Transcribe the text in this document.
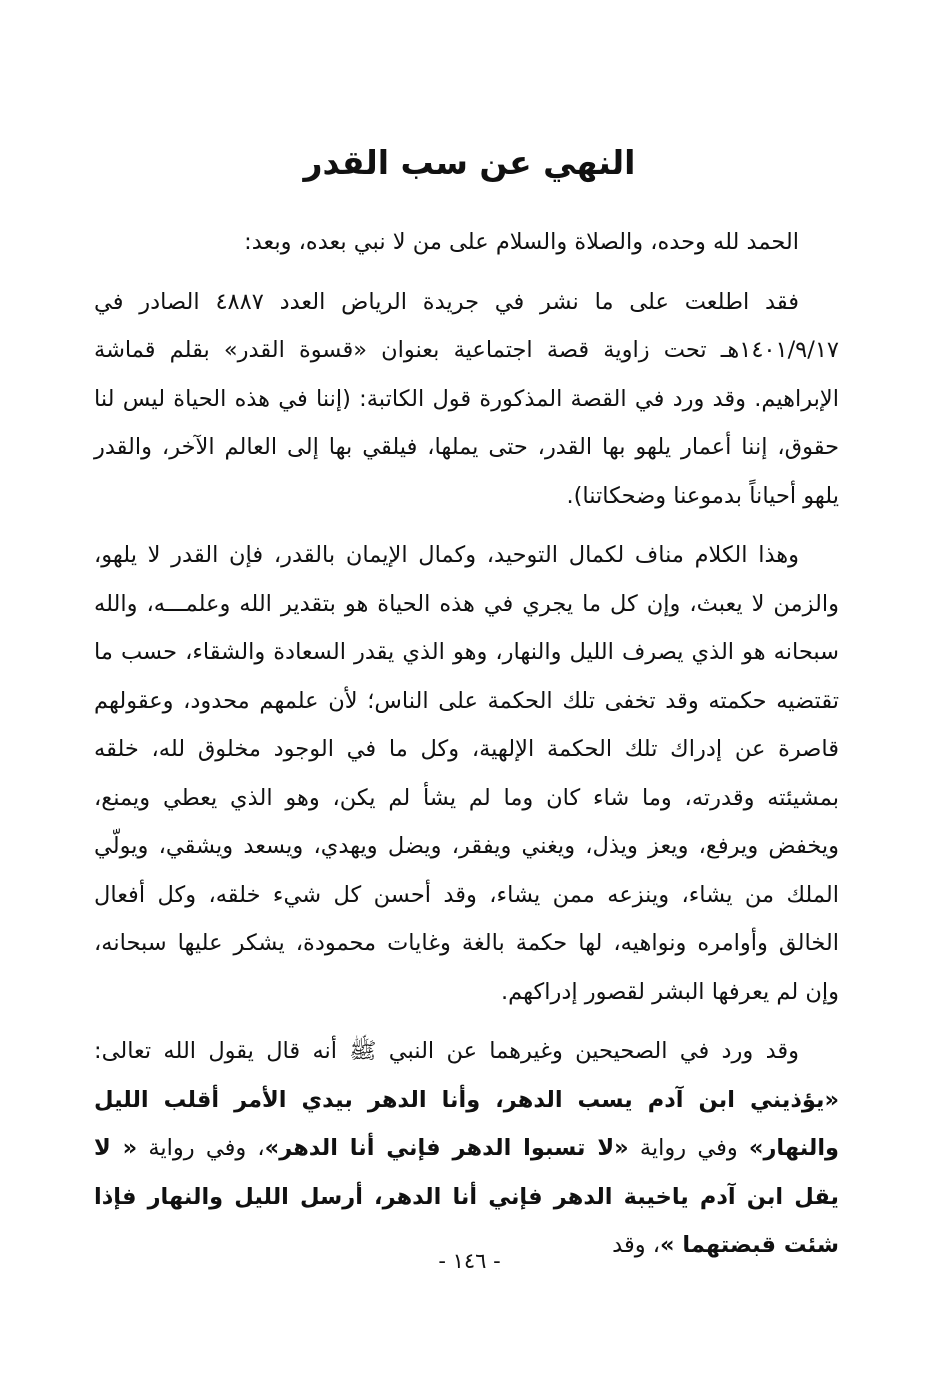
النهي عن سب القدر

الحمد لله وحده، والصلاة والسلام على من لا نبي بعده، وبعد:

فقد اطلعت على ما نشر في جريدة الرياض العدد ٤٨٨٧ الصادر في ١٤٠١/٩/١٧هـ تحت زاوية قصة اجتماعية بعنوان «قسوة القدر» بقلم قماشة الإبراهيم. وقد ورد في القصة المذكورة قول الكاتبة: (إننا في هذه الحياة ليس لنا حقوق، إننا أعمار يلهو بها القدر، حتى يملها، فيلقي بها إلى العالم الآخر، والقدر يلهو أحياناً بدموعنا وضحكاتنا).

وهذا الكلام مناف لكمال التوحيد، وكمال الإيمان بالقدر، فإن القدر لا يلهو، والزمن لا يعبث، وإن كل ما يجري في هذه الحياة هو بتقدير الله وعلمـــه، والله سبحانه هو الذي يصرف الليل والنهار، وهو الذي يقدر السعادة والشقاء، حسب ما تقتضيه حكمته وقد تخفى تلك الحكمة على الناس؛ لأن علمهم محدود، وعقولهم قاصرة عن إدراك تلك الحكمة الإلهية، وكل ما في الوجود مخلوق لله، خلقه بمشيئته وقدرته، وما شاء كان وما لم يشأ لم يكن، وهو الذي يعطي ويمنع، ويخفض ويرفع، ويعز ويذل، ويغني ويفقر، ويضل ويهدي، ويسعد ويشقي، ويولّي الملك من يشاء، وينزعه ممن يشاء، وقد أحسن كل شيء خلقه، وكل أفعال الخالق وأوامره ونواهيه، لها حكمة بالغة وغايات محمودة، يشكر عليها سبحانه، وإن لم يعرفها البشر لقصور إدراكهم.

وقد ورد في الصحيحين وغيرهما عن النبي ﷺ أنه قال يقول الله تعالى: «يؤذيني ابن آدم يسب الدهر، وأنا الدهر بيدي الأمر أقلب الليل والنهار» وفي رواية «لا تسبوا الدهر فإني أنا الدهر»، وفي رواية « لا يقل ابن آدم ياخيبة الدهر فإني أنا الدهر، أرسل الليل والنهار فإذا شئت قبضتهما »، وقد

- ١٤٦ -
